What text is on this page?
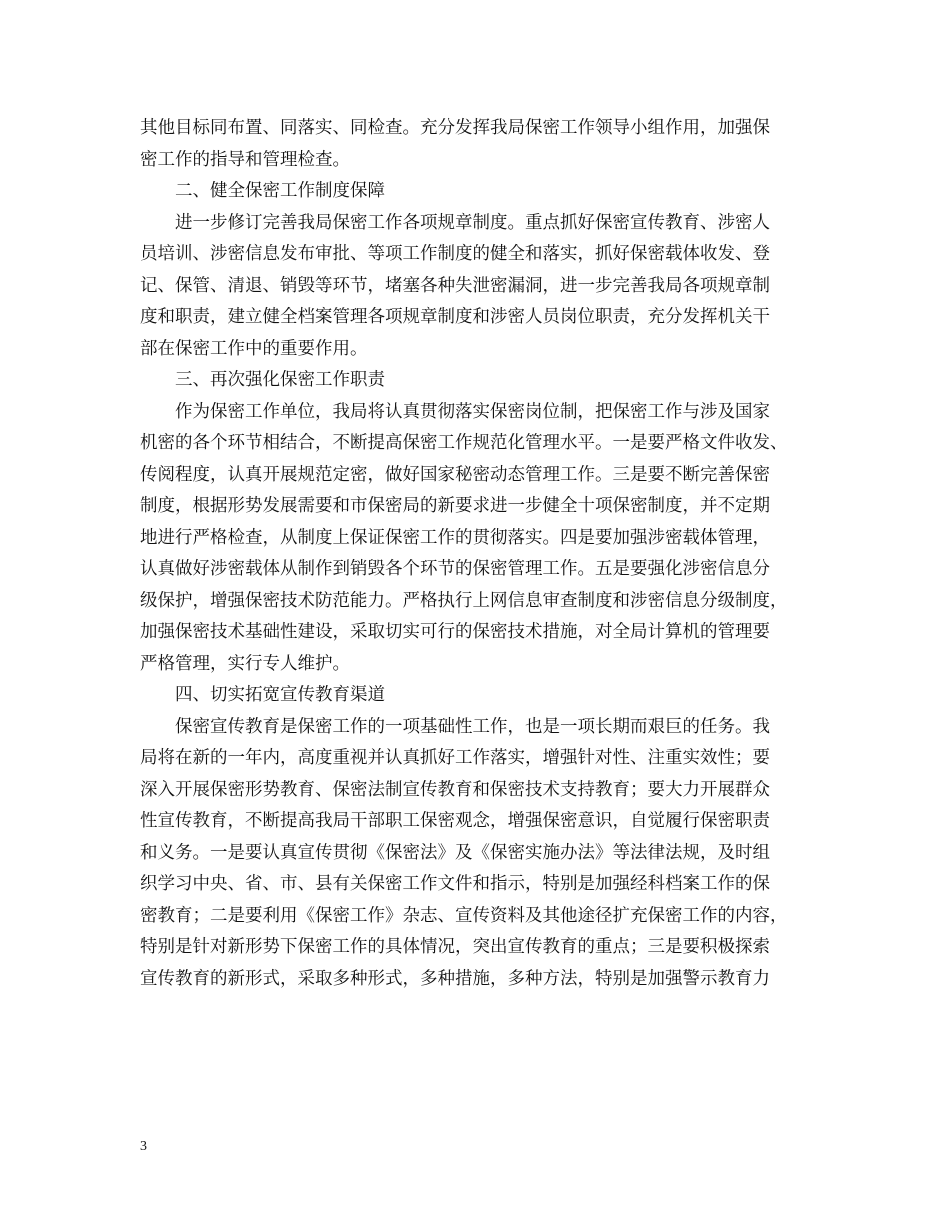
其他目标同布置、同落实、同检查。充分发挥我局保密工作领导小组作用，加强保
密工作的指导和管理检查。
二、健全保密工作制度保障
进一步修订完善我局保密工作各项规章制度。重点抓好保密宣传教育、涉密人
员培训、涉密信息发布审批、等项工作制度的健全和落实，抓好保密载体收发、登
记、保管、清退、销毁等环节，堵塞各种失泄密漏洞，进一步完善我局各项规章制
度和职责，建立健全档案管理各项规章制度和涉密人员岗位职责，充分发挥机关干
部在保密工作中的重要作用。
三、再次强化保密工作职责
作为保密工作单位，我局将认真贯彻落实保密岗位制，把保密工作与涉及国家
机密的各个环节相结合，不断提高保密工作规范化管理水平。一是要严格文件收发、
传阅程度，认真开展规范定密，做好国家秘密动态管理工作。三是要不断完善保密
制度，根据形势发展需要和市保密局的新要求进一步健全十项保密制度，并不定期
地进行严格检查，从制度上保证保密工作的贯彻落实。四是要加强涉密载体管理，
认真做好涉密载体从制作到销毁各个环节的保密管理工作。五是要强化涉密信息分
级保护，增强保密技术防范能力。严格执行上网信息审查制度和涉密信息分级制度，
加强保密技术基础性建设，采取切实可行的保密技术措施，对全局计算机的管理要
严格管理，实行专人维护。
四、切实拓宽宣传教育渠道
保密宣传教育是保密工作的一项基础性工作，也是一项长期而艰巨的任务。我
局将在新的一年内，高度重视并认真抓好工作落实，增强针对性、注重实效性；要
深入开展保密形势教育、保密法制宣传教育和保密技术支持教育；要大力开展群众
性宣传教育，不断提高我局干部职工保密观念，增强保密意识，自觉履行保密职责
和义务。一是要认真宣传贯彻《保密法》及《保密实施办法》等法律法规，及时组
织学习中央、省、市、县有关保密工作文件和指示，特别是加强经科档案工作的保
密教育；二是要利用《保密工作》杂志、宣传资料及其他途径扩充保密工作的内容，
特别是针对新形势下保密工作的具体情况，突出宣传教育的重点；三是要积极探索
宣传教育的新形式，采取多种形式，多种措施，多种方法，特别是加强警示教育力
3
